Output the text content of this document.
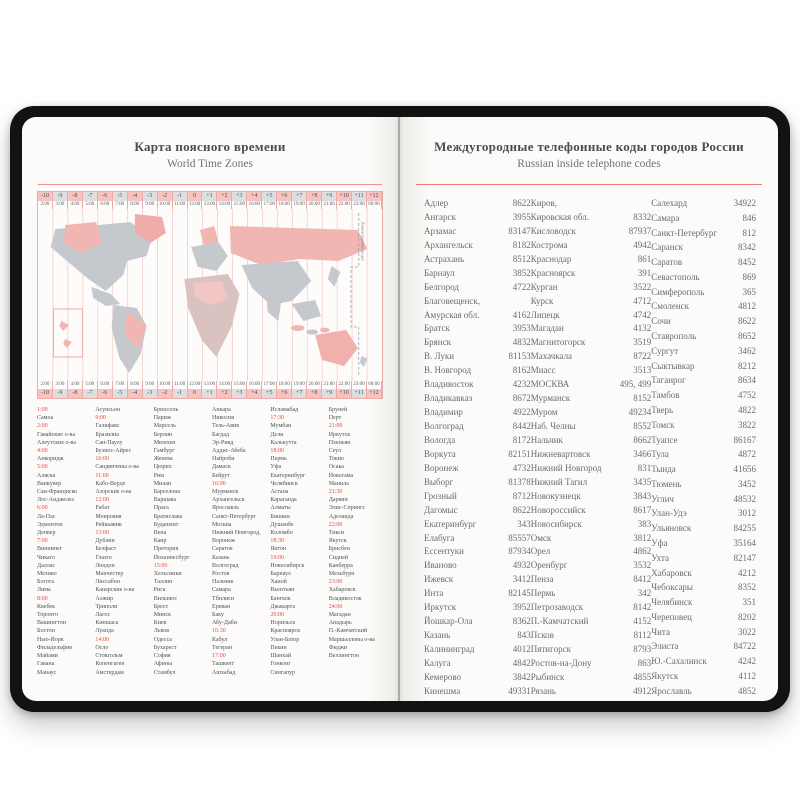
Карта поясного времени
World Time Zones
-10	-9	-8	-7	-6	-5	-4	-3	-2	-1	0	+1	+2	+3	+4	+5	+6	+7	+8	+9	+10 +11 +12
2:00	3:00	4:00	5:00	6:00	7:00	8:00	9:00 10:00 11:00 12:00 13:00 14:00 15:00 16:00 17:00 18:00 19:00 20:00 21:00 22:00 23:00 00:00
Линия перемены дат
2:00	3:00	4:00	5:00	6:00	7:00	8:00	9:00 10:00 11:00 12:00 13:00 14:00 15:00 16:00 17:00 18:00 19:00 20:00 21:00 22:00 23:00 00:00
-10	-9	-8	-7	-6	-5	-4	-3	-2	-1	0	+1	+2	+3	+4	+5	+6	+7	+8	+9	+10 +11 +12
1:00
Самоа
2:00
Гавайские о-ва
Алеутские о-ва
4:00
Анкоридж
5:00
Аляска
Ванкувер
Сан-Франциско
Лос-Анджелес
6:00
Ла-Пас
Эдмонтон
Денвер
7:00
Виннипег
Чикаго
Даллас
Мехико
Богота
Лима
8:00
Квебек
Торонто
Вашингтон
Бостон
Нью-Йорк
Филадельфия
Майами
Гавана
Манаус
Асунсьон
9:00
Галифакс
Бразилиа
Сан-Паулу
Буэнос-Айрес
10:00
Сандвичевы о-ва
11:00
Кабо-Верде
Азорские о-ва
12:00
Рабат
Монровия
Рейкьявик
13:00
Дублин
Белфаст
Глазго
Лондон
Манчестер
Лиссабон
Канарские о-ва
Алжир
Триполи
Лагос
Киншаса
Луанда
14:00
Осло
Стокгольм
Копенгаген
Амстердам
Брюссель
Париж
Марсель
Берлин
Мюнхен
Гамбург
Женева
Цюрих
Рим
Милан
Барселона
Варшава
Прага
Братислава
Будапешт
Вена
Каир
Претория
Йоханнесбург
15:00
Хельсинки
Таллин
Рига
Вильнюс
Брест
Минск
Киев
Львов
Одесса
Бухарест
София
Афины
Стамбул
Анкара
Никосия
Тель-Авив
Багдад
Эр-Рияд
Аддис-Абеба
Найроби
Дамаск
Бейрут
16:00
Мурманск
Архангельск
Ярославль
Санкт-Петербург
Москва
Нижний Новгород,
Воронеж
Саратов
Казань
Волгоград
Ростов
Нальчик
Самара
Тбилиси
Ереван
Баку
Абу-Даби
16:30
Кабул
Тегеран
17:00
Ташкент
Ашхабад
Исламабад
17:30
Мумбаи
Дели
Калькутта
18:00
Пермь
Уфа
Екатеринбург
Челябинск
Астана
Караганда
Алматы
Бишкек
Душанбе
Коломбо
18:30
Янгон
19:00
Новосибирск
Барнаул
Ханой
Вьентьян
Бангкок
Джакарта
20:00
Норильск
Красноярск
Улан-Батор
Пекин
Шанхай
Гонконг
Сингапур
Бруней
Перт
21:00
Иркутск
Пхеньян
Сеул
Токио
Осака
Йокогама
Манила
21:30
Дарвин
Элис-Спрингс
Аделаида
22:00
Тикси
Якутск
Брисбен
Сидней
Канберра
Мельбурн
23:00
Хабаровск
Владивосток
24:00
Магадан
Анадырь
П.-Камчатский
Маршалловы о-ва
Фиджи
Веллингтон
Междугородные телефонные коды городов России
Russian inside telephone codes
Адлер	8622
Ангарск	3955
Арзамас	83147
Архангельск	8182
Астрахань	8512
Барнаул	3852
Белгород	4722
Благовещенск,
Амурская обл.	4162
Братск	3953
Брянск	4832
В. Луки	81153
В. Новгород	8162
Владивосток	4232
Владикавказ	8672
Владимир	4922
Волгоград	8442
Вологда	8172
Воркута	82151
Воронеж	4732
Выборг	81378
Грозный	8712
Дагомыс	8622
Екатеринбург	343
Елабуга	85557
Ессентуки	87934
Иваново	4932
Ижевск	3412
Инта	82145
Иркутск	3952
Йошкар-Ола	8362
Казань	843
Калининград	4012
Калуга	4842
Кемерово	3842
Кинешма	49331
Киров,
Кировская обл.	8332
Кисловодск	87937
Кострома	4942
Краснодар	861
Красноярск	391
Курган	3522
Курск	4712
Липецк	4742
Магадан	4132
Магнитогорск	3519
Махачкала	8722
Миасс	3513
МОСКВА	495, 499
Мурманск	8152
Муром	49234
Наб. Челны	8552
Нальчик	8662
Нижневартовск	3466
Нижний Новгород	831
Нижний Тагил	3435
Новокузнецк	3843
Новороссийск	8617
Новосибирск	383
Омск	3812
Орел	4862
Оренбург	3532
Пенза	8412
Пермь	342
Петрозаводск	8142
П.-Камчатский	4152
Псков	8112
Пятигорск	8793
Ростов-на-Дону	863
Рыбинск	4855
Рязань	4912
Салехард	34922
Самара	846
Санкт-Петербург	812
Саранск	8342
Саратов	8452
Севастополь	869
Симферополь	365
Смоленск	4812
Сочи	8622
Ставрополь	8652
Сургут	3462
Сыктывкар	8212
Таганрог	8634
Тамбов	4752
Тверь	4822
Томск	3822
Туапсе	86167
Тула	4872
Тында	41656
Тюмень	3452
Углич	48532
Улан-Удэ	3012
Ульяновск	84255
Уфа	35164
Ухта	82147
Хабаровск	4212
Чебоксары	8352
Челябинск	351
Череповец	8202
Чита	3022
Элиста	84722
Ю.-Сахалинск	4242
Якутск	4112
Ярославль	4852
